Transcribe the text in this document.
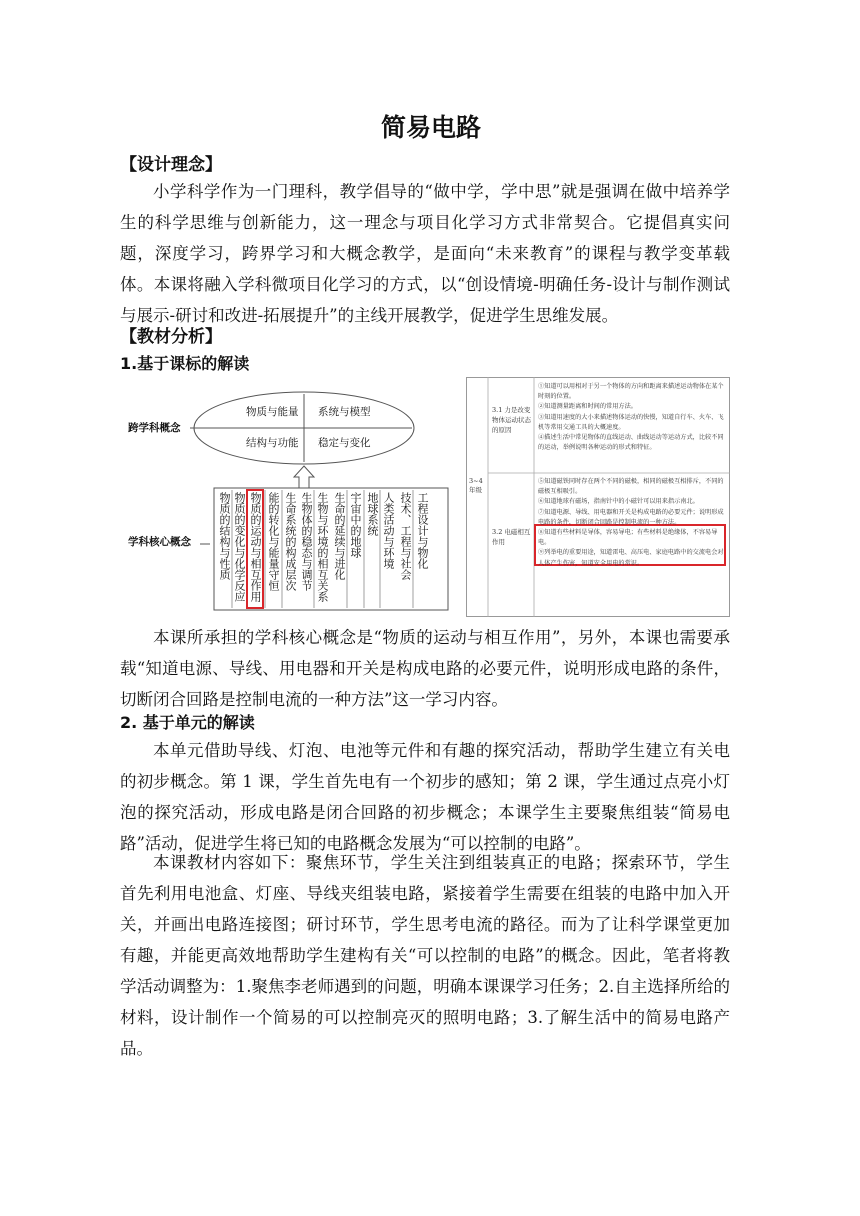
简易电路
【设计理念】

小学科学作为一门理科，教学倡导的“做中学，学中思”就是强调在做中培养学生的科学思维与创新能力，这一理念与项目化学习方式非常契合。它提倡真实问题，深度学习，跨界学习和大概念教学，是面向“未来教育”的课程与教学变革载体。本课将融入学科微项目化学习的方式，以“创设情境-明确任务-设计与制作测试与展示-研讨和改进-拓展提升”的主线开展教学，促进学生思维发展。

【教材分析】
1.基于课标的解读
跨学科概念
学科核心概念
物质与能量 系统与模型
结构与功能 稳定与变化
物质的结构与性质 物质的变化与化学反应 物质的运动与相互作用 能的转化与能量守恒 生命系统的构成层次 生物体的稳态与调节 生物与环境的相互关系 生命的延续与进化 宇宙中的地球 地球系统 人类活动与环境 技术、工程与社会 工程设计与物化
3~4年级
3.1 力是改变物体运动状态的原因
3.2 电磁相互作用
①知道可以用相对于另一个物体的方向和距离来描述运动物体在某个时刻的位置。
②知道测量距离和时间的常用方法。
③知道用速度的大小来描述物体运动的快慢，知道自行车、火车、飞机等常用交通工具的大概速度。
④描述生活中常见物体的直线运动、曲线运动等运动方式，比较不同的运动，举例说明各种运动的形式和特征。
⑤知道磁铁同时存在两个不同的磁极，相同的磁极互相排斥，不同的磁极互相吸引。
⑥知道地球有磁场，指南针中的小磁针可以用来指示南北。
⑦知道电源、导线、用电器和开关是构成电路的必要元件；说明形成电路的条件，切断闭合回路是控制电流的一种方法。
⑧知道有些材料是导体，容易导电；有些材料是绝缘体，不容易导电。
⑨列举电的重要用途，知道雷电、高压电、家庭电路中的交流电会对人体产生伤害，知道安全用电的常识。

本课所承担的学科核心概念是“物质的运动与相互作用”，另外，本课也需要承载“知道电源、导线、用电器和开关是构成电路的必要元件，说明形成电路的条件，切断闭合回路是控制电流的一种方法”这一学习内容。

2. 基于单元的解读

本单元借助导线、灯泡、电池等元件和有趣的探究活动，帮助学生建立有关电的初步概念。第 1 课，学生首先电有一个初步的感知；第 2 课，学生通过点亮小灯泡的探究活动，形成电路是闭合回路的初步概念；本课学生主要聚焦组装“简易电路”活动，促进学生将已知的电路概念发展为“可以控制的电路”。

本课教材内容如下：聚焦环节，学生关注到组装真正的电路；探索环节，学生首先利用电池盒、灯座、导线夹组装电路，紧接着学生需要在组装的电路中加入开关，并画出电路连接图；研讨环节，学生思考电流的路径。而为了让科学课堂更加有趣，并能更高效地帮助学生建构有关“可以控制的电路”的概念。因此，笔者将教学活动调整为：1.聚焦李老师遇到的问题，明确本课课学习任务；2.自主选择所给的材料，设计制作一个简易的可以控制亮灭的照明电路；3.了解生活中的简易电路产品。
